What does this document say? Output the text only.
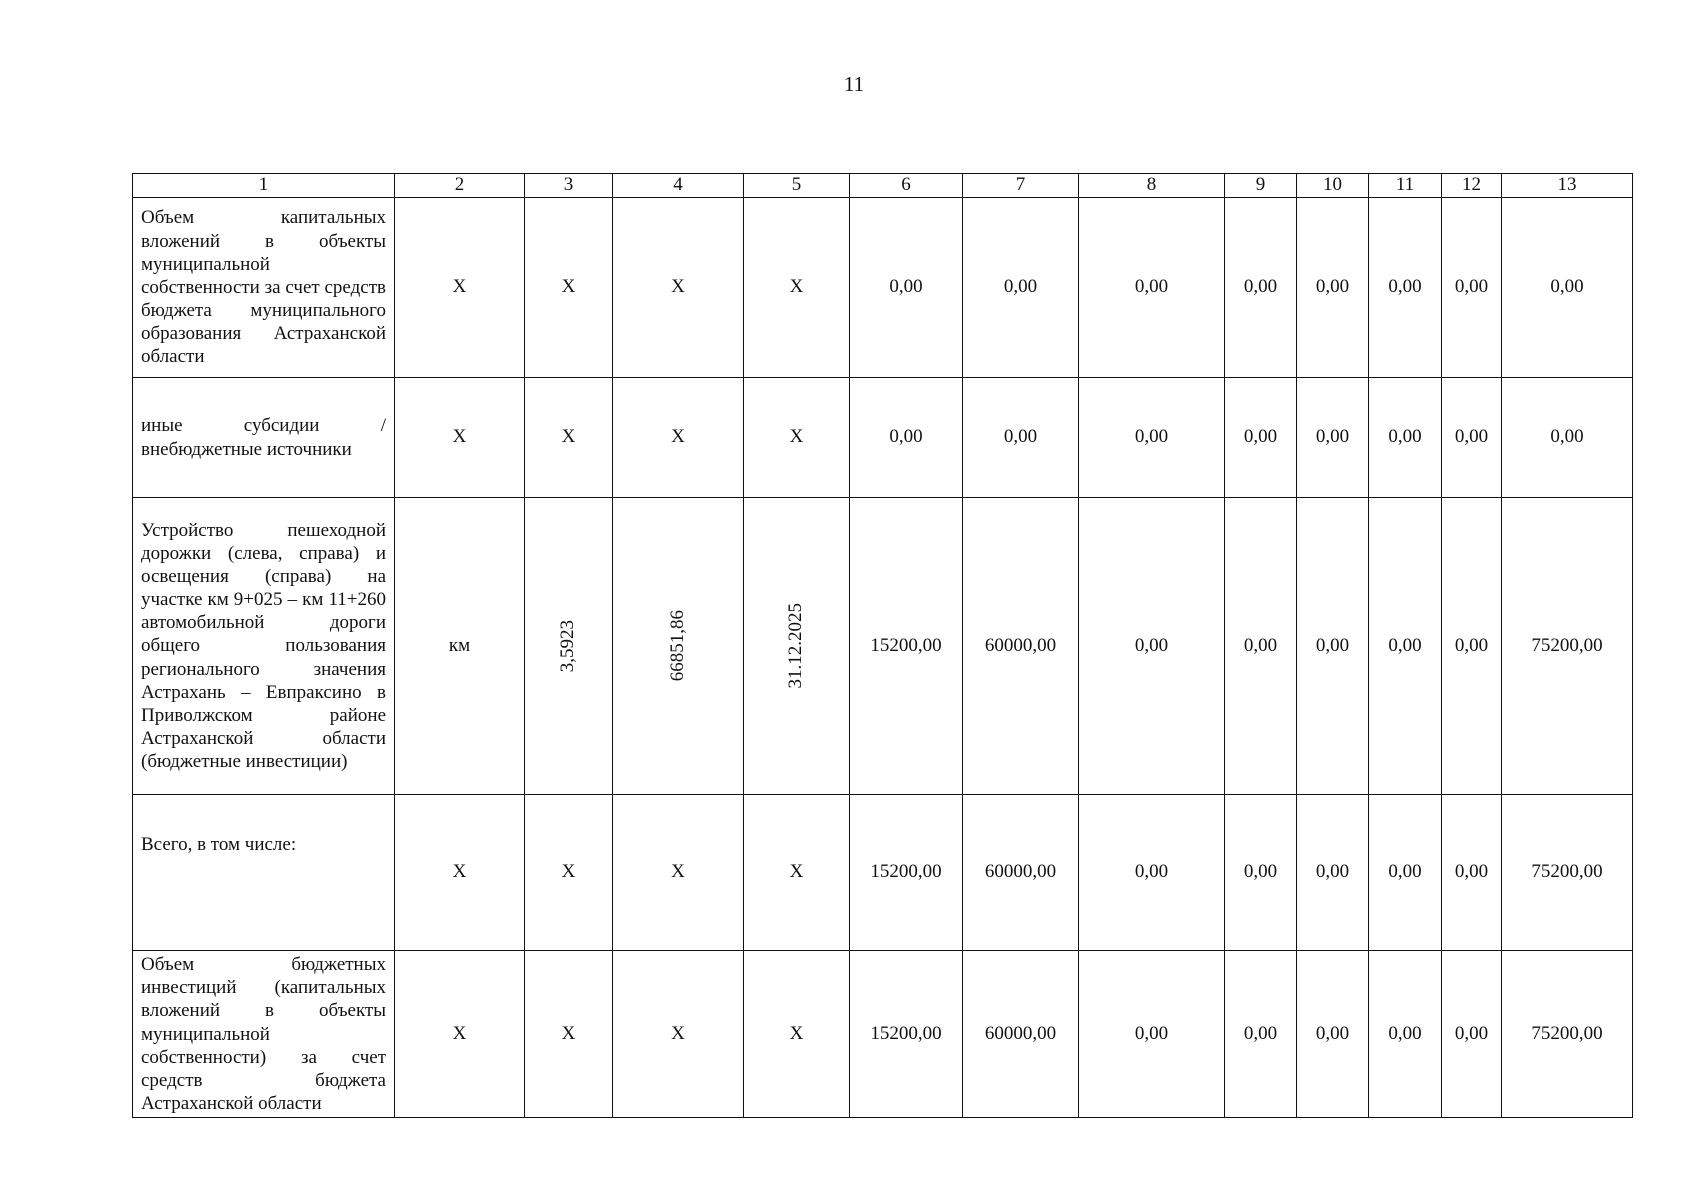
11
1	2	3	4	5	6	7	8	9	10	11	12	13
Объем капитальных вложений в объекты муниципальной собственности за счет средств бюджета муниципального образования Астраханской области	Х	Х	Х	Х	0,00	0,00	0,00	0,00	0,00	0,00	0,00	0,00
иные субсидии / внебюджетные источники	Х	Х	Х	Х	0,00	0,00	0,00	0,00	0,00	0,00	0,00	0,00
Устройство пешеходной дорожки (слева, справа) и освещения (справа) на участке км 9+025 – км 11+260 автомобильной дороги общего пользования регионального значения Астрахань – Евпраксино в Приволжском районе Астраханской области (бюджетные инвестиции)	км	3,5923	66851,86	31.12.2025	15200,00	60000,00	0,00	0,00	0,00	0,00	0,00	75200,00
Всего, в том числе:	Х	Х	Х	Х	15200,00	60000,00	0,00	0,00	0,00	0,00	0,00	75200,00
Объем бюджетных инвестиций (капитальных вложений в объекты муниципальной собственности) за счет средств бюджета Астраханской области	Х	Х	Х	Х	15200,00	60000,00	0,00	0,00	0,00	0,00	0,00	75200,00
